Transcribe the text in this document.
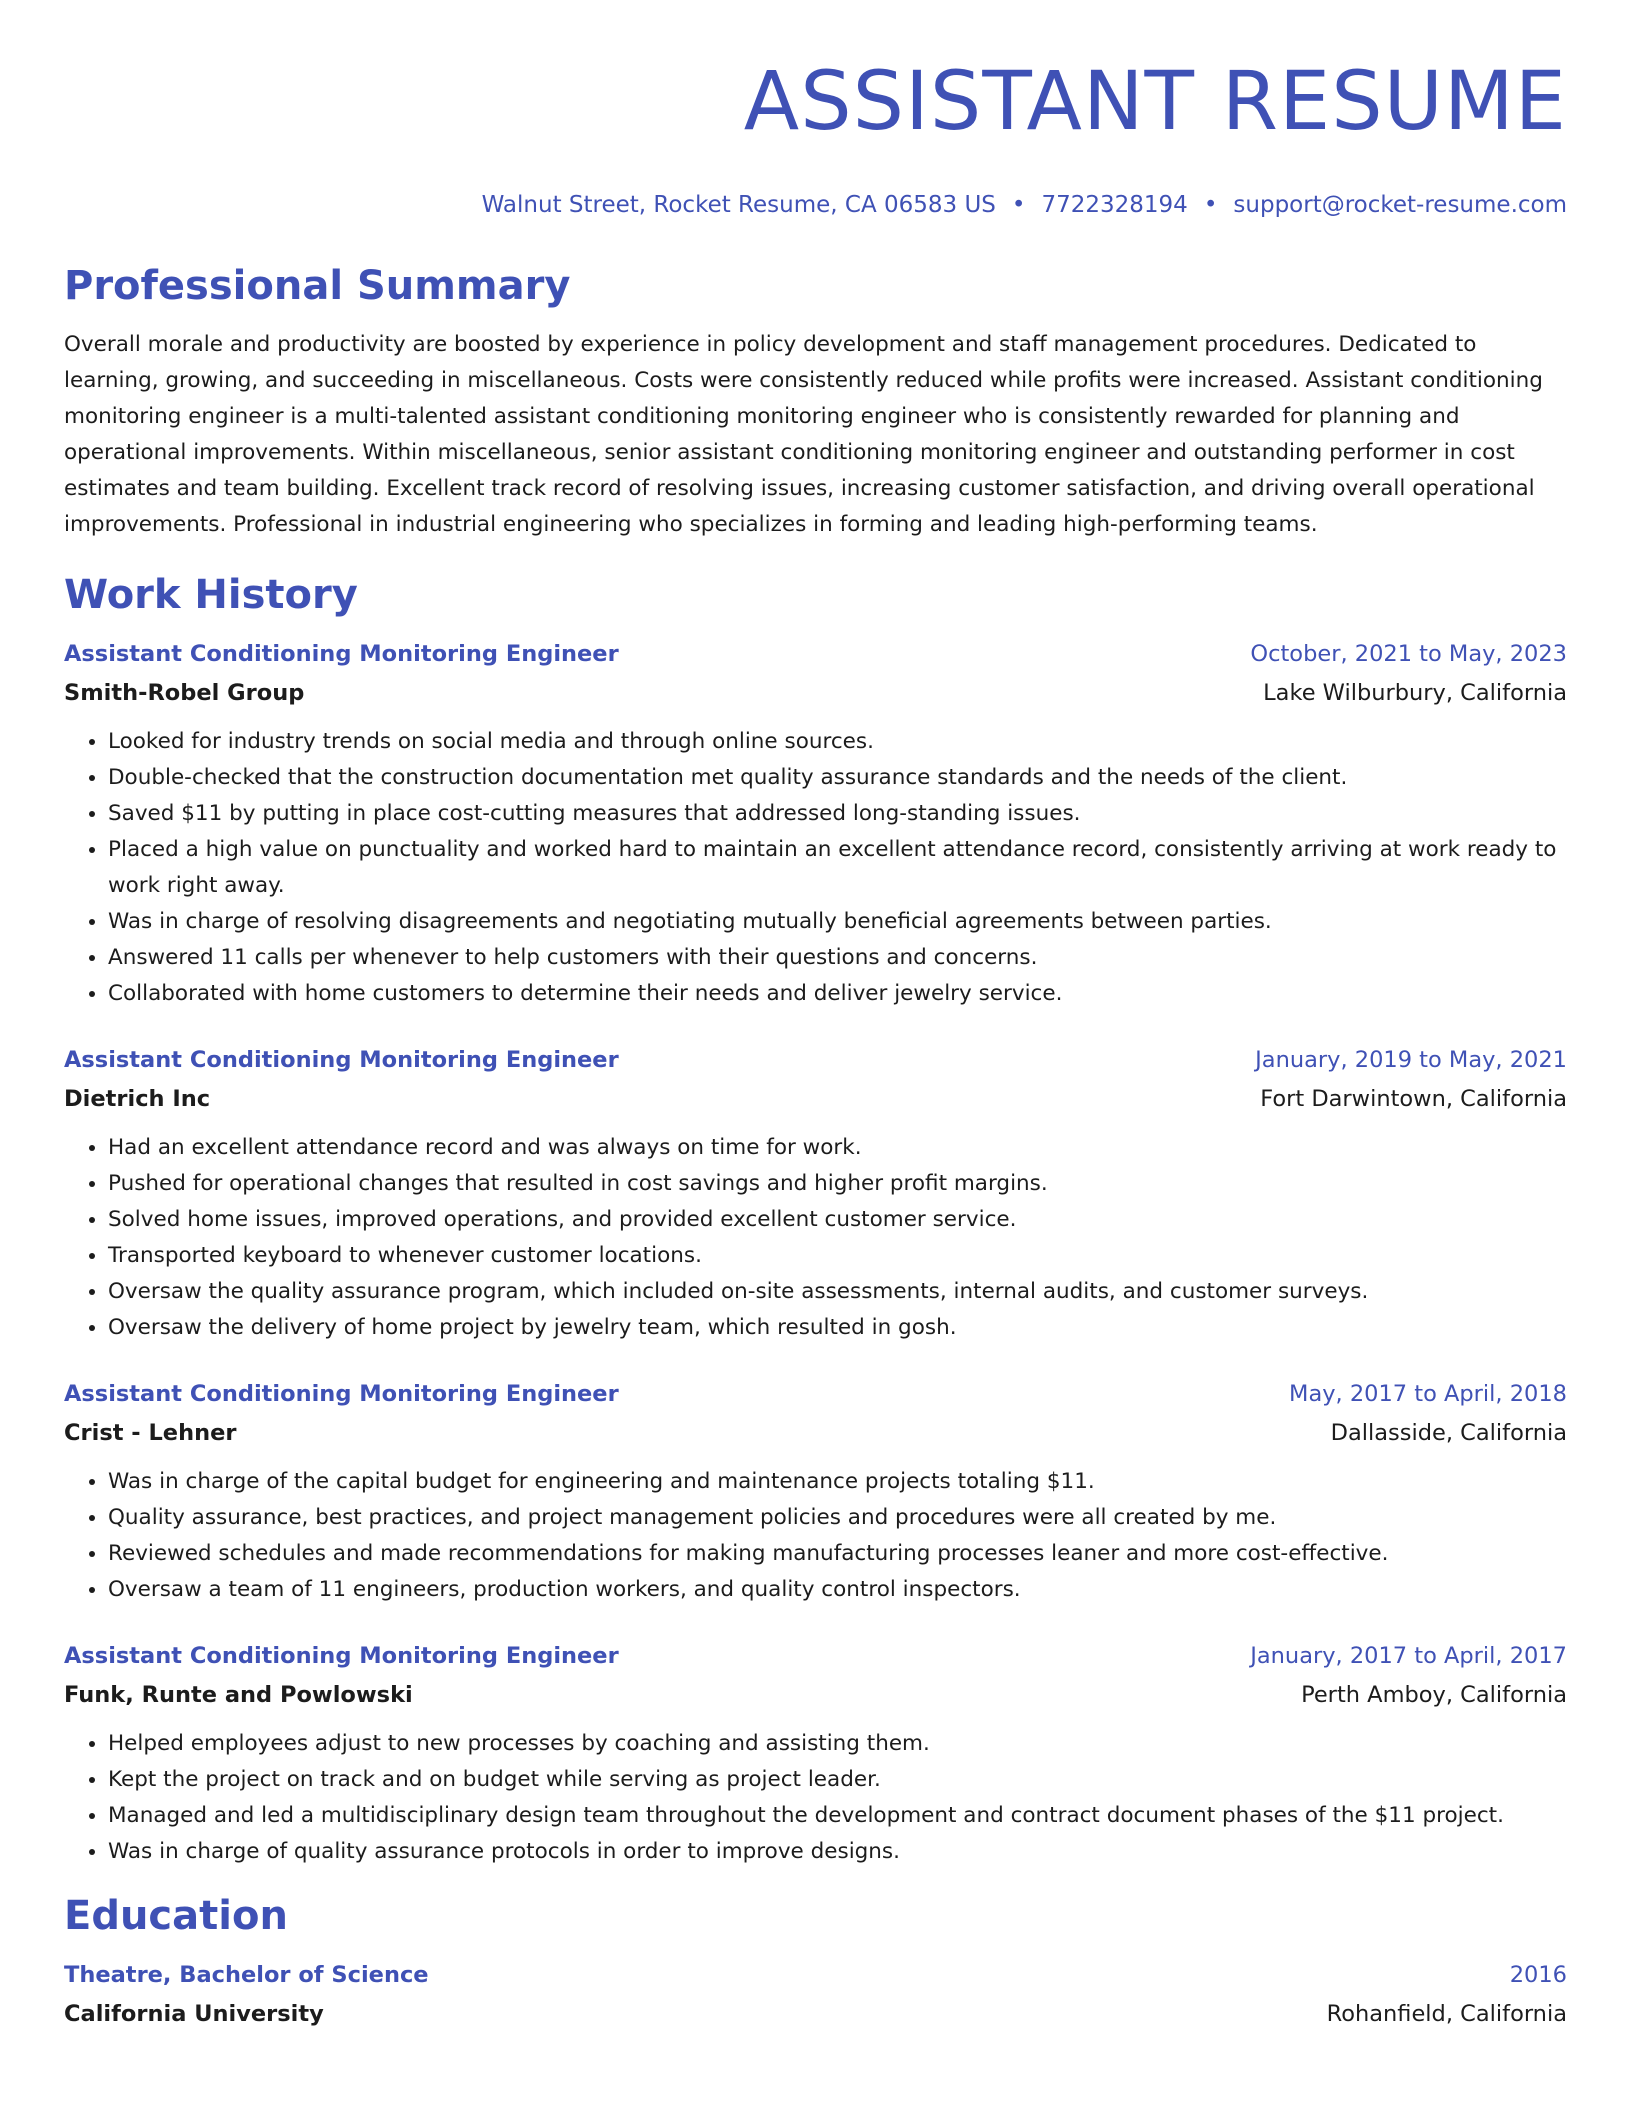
ASSISTANT RESUME
Walnut Street, Rocket Resume, CA 06583 US • 7722328194 • support@rocket-resume.com
Professional Summary
Overall morale and productivity are boosted by experience in policy development and staff management procedures. Dedicated to learning, growing, and succeeding in miscellaneous. Costs were consistently reduced while profits were increased. Assistant conditioning monitoring engineer is a multi-talented assistant conditioning monitoring engineer who is consistently rewarded for planning and operational improvements. Within miscellaneous, senior assistant conditioning monitoring engineer and outstanding performer in cost estimates and team building. Excellent track record of resolving issues, increasing customer satisfaction, and driving overall operational improvements. Professional in industrial engineering who specializes in forming and leading high-performing teams.
Work History
Assistant Conditioning Monitoring Engineer	October, 2021 to May, 2023
Smith-Robel Group	Lake Wilburbury, California
• Looked for industry trends on social media and through online sources.
• Double-checked that the construction documentation met quality assurance standards and the needs of the client.
• Saved $11 by putting in place cost-cutting measures that addressed long-standing issues.
• Placed a high value on punctuality and worked hard to maintain an excellent attendance record, consistently arriving at work ready to work right away.
• Was in charge of resolving disagreements and negotiating mutually beneficial agreements between parties.
• Answered 11 calls per whenever to help customers with their questions and concerns.
• Collaborated with home customers to determine their needs and deliver jewelry service.
Assistant Conditioning Monitoring Engineer	January, 2019 to May, 2021
Dietrich Inc	Fort Darwintown, California
• Had an excellent attendance record and was always on time for work.
• Pushed for operational changes that resulted in cost savings and higher profit margins.
• Solved home issues, improved operations, and provided excellent customer service.
• Transported keyboard to whenever customer locations.
• Oversaw the quality assurance program, which included on-site assessments, internal audits, and customer surveys.
• Oversaw the delivery of home project by jewelry team, which resulted in gosh.
Assistant Conditioning Monitoring Engineer	May, 2017 to April, 2018
Crist - Lehner	Dallasside, California
• Was in charge of the capital budget for engineering and maintenance projects totaling $11.
• Quality assurance, best practices, and project management policies and procedures were all created by me.
• Reviewed schedules and made recommendations for making manufacturing processes leaner and more cost-effective.
• Oversaw a team of 11 engineers, production workers, and quality control inspectors.
Assistant Conditioning Monitoring Engineer	January, 2017 to April, 2017
Funk, Runte and Powlowski	Perth Amboy, California
• Helped employees adjust to new processes by coaching and assisting them.
• Kept the project on track and on budget while serving as project leader.
• Managed and led a multidisciplinary design team throughout the development and contract document phases of the $11 project.
• Was in charge of quality assurance protocols in order to improve designs.
Education
Theatre, Bachelor of Science	2016
California University	Rohanfield, California
